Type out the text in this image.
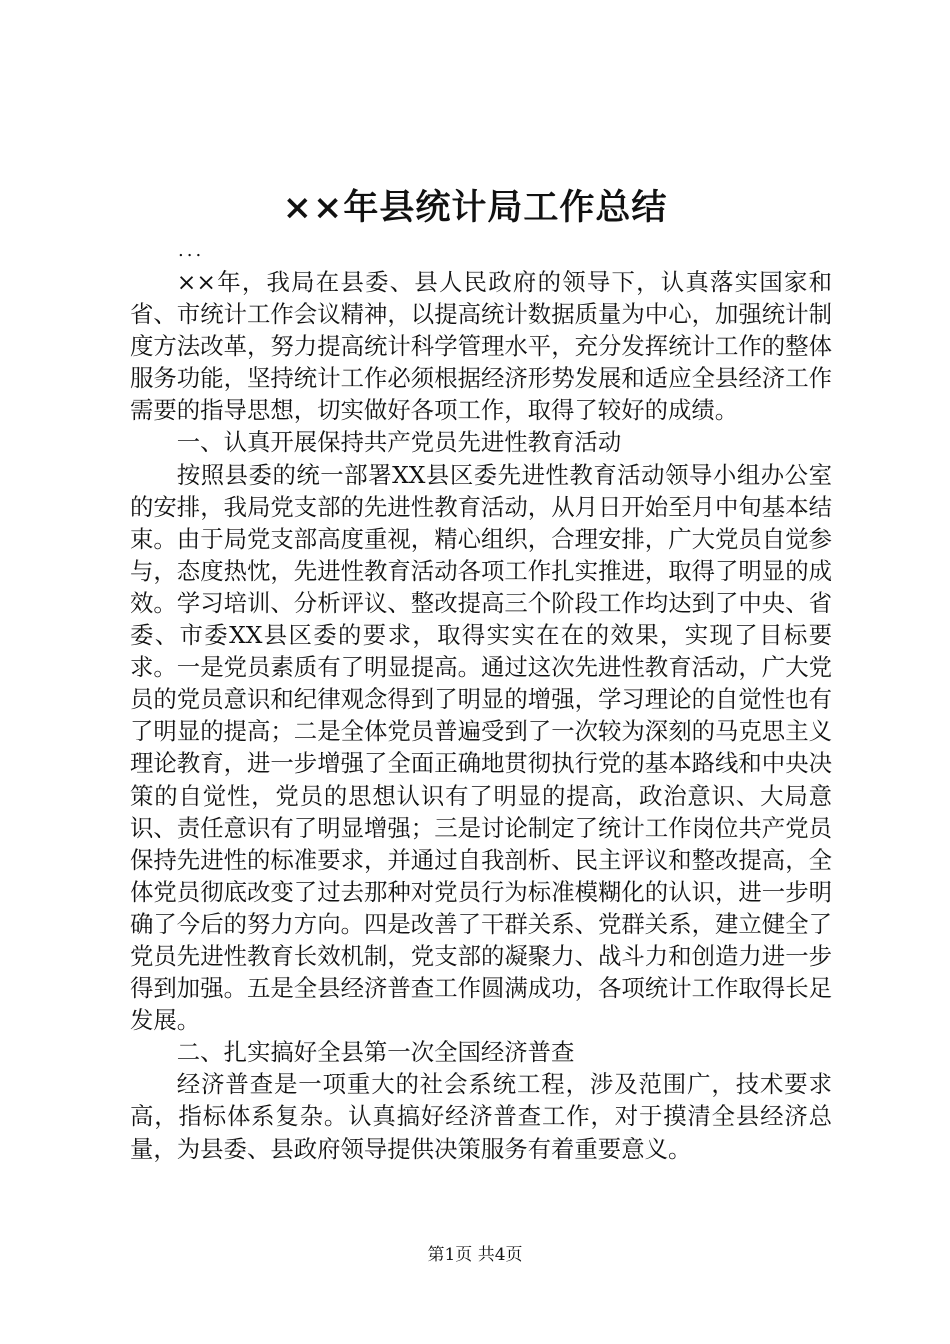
××年县统计局工作总结
...

××年，我局在县委、县人民政府的领导下，认真落实国家和省、市统计工作会议精神，以提高统计数据质量为中心，加强统计制度方法改革，努力提高统计科学管理水平，充分发挥统计工作的整体服务功能，坚持统计工作必须根据经济形势发展和适应全县经济工作需要的指导思想，切实做好各项工作，取得了较好的成绩。

一、认真开展保持共产党员先进性教育活动

按照县委的统一部署XX县区委先进性教育活动领导小组办公室的安排，我局党支部的先进性教育活动，从月日开始至月中旬基本结束。由于局党支部高度重视，精心组织，合理安排，广大党员自觉参与，态度热忱，先进性教育活动各项工作扎实推进，取得了明显的成效。学习培训、分析评议、整改提高三个阶段工作均达到了中央、省委、市委XX县区委的要求，取得实实在在的效果，实现了目标要求。一是党员素质有了明显提高。通过这次先进性教育活动，广大党员的党员意识和纪律观念得到了明显的增强，学习理论的自觉性也有了明显的提高；二是全体党员普遍受到了一次较为深刻的马克思主义理论教育，进一步增强了全面正确地贯彻执行党的基本路线和中央决策的自觉性，党员的思想认识有了明显的提高，政治意识、大局意识、责任意识有了明显增强；三是讨论制定了统计工作岗位共产党员保持先进性的标准要求，并通过自我剖析、民主评议和整改提高，全体党员彻底改变了过去那种对党员行为标准模糊化的认识，进一步明确了今后的努力方向。四是改善了干群关系、党群关系，建立健全了党员先进性教育长效机制，党支部的凝聚力、战斗力和创造力进一步得到加强。五是全县经济普查工作圆满成功，各项统计工作取得长足发展。

二、扎实搞好全县第一次全国经济普查

经济普查是一项重大的社会系统工程，涉及范围广，技术要求高，指标体系复杂。认真搞好经济普查工作，对于摸清全县经济总量，为县委、县政府领导提供决策服务有着重要意义。

第1页 共4页
